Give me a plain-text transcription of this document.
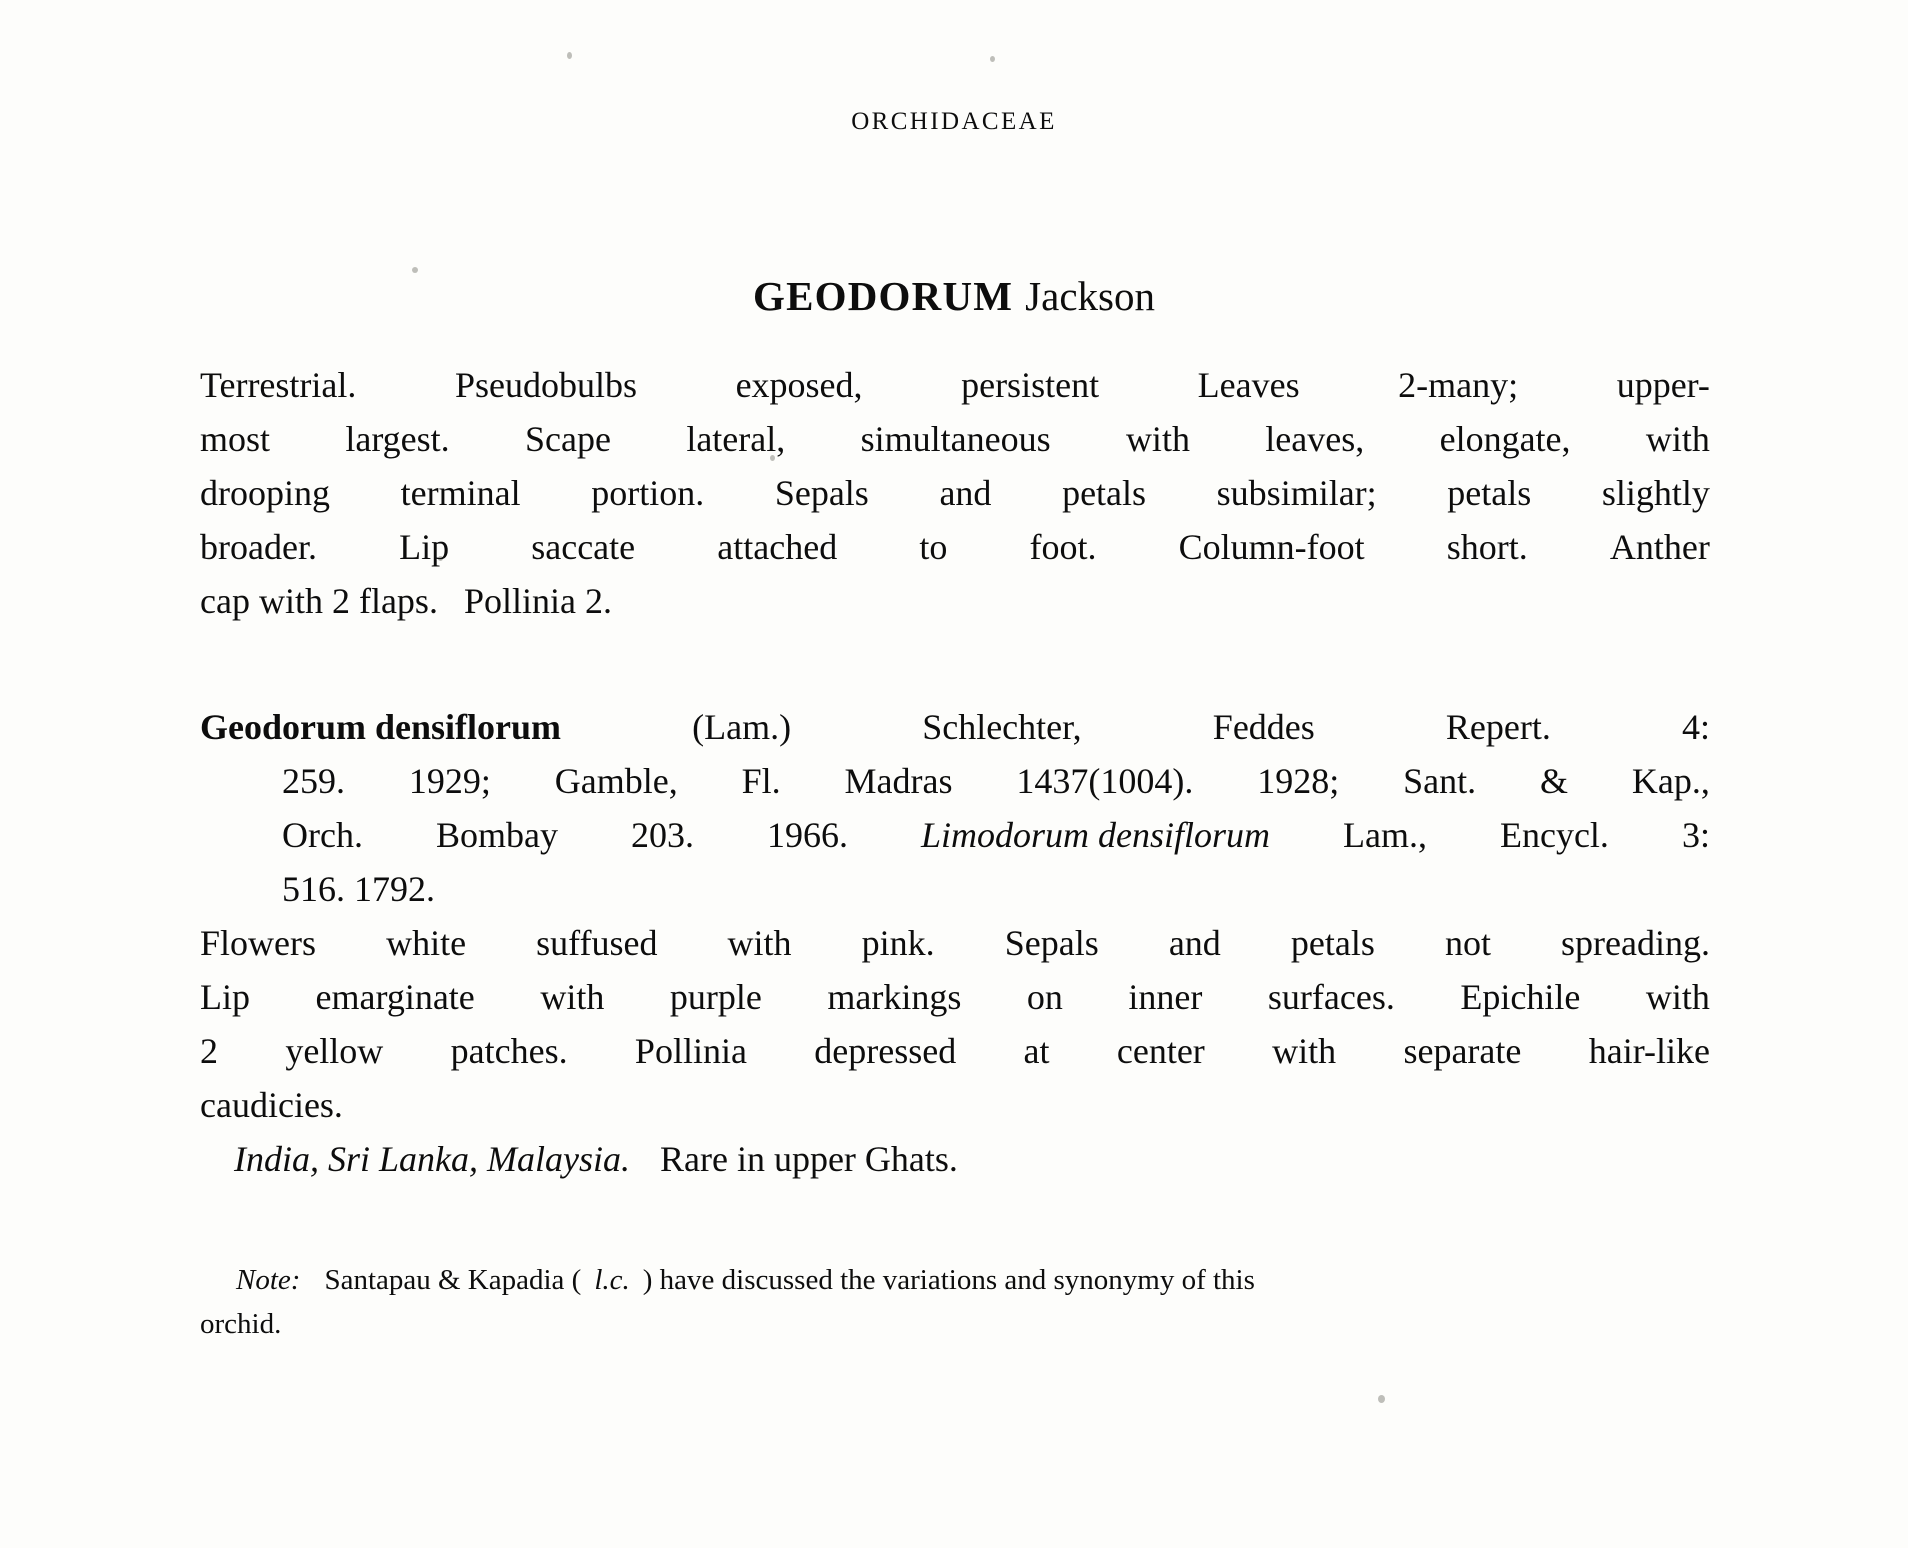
ORCHIDACEAE
GEODORUM Jackson
Terrestrial.	Pseudobulbs	exposed,	persistent	Leaves	2-many;	upper-
most largest. Scape lateral, simultaneous with leaves, elongate, with
drooping terminal portion. Sepals and petals subsimilar; petals slightly
broader. Lip saccate attached to foot. Column-foot short. Anther
cap with 2 flaps. Pollinia 2.
Geodorum densiflorum	(Lam.)	Schlechter,	Feddes	Repert.	4:
259. 1929; Gamble, Fl. Madras 1437(1004). 1928; Sant. & Kap.,
Orch. Bombay 203. 1966. Limodorum densiflorum Lam., Encycl. 3:
516. 1792.
Flowers white suffused with pink. Sepals and petals not spreading.
Lip emarginate with purple markings on inner surfaces. Epichile with
2 yellow patches. Pollinia depressed at center with separate hair-like
caudicies.
India, Sri Lanka, Malaysia. Rare in upper Ghats.
Note: Santapau & Kapadia ( l.c. ) have discussed the variations and synonymy of this
orchid.
